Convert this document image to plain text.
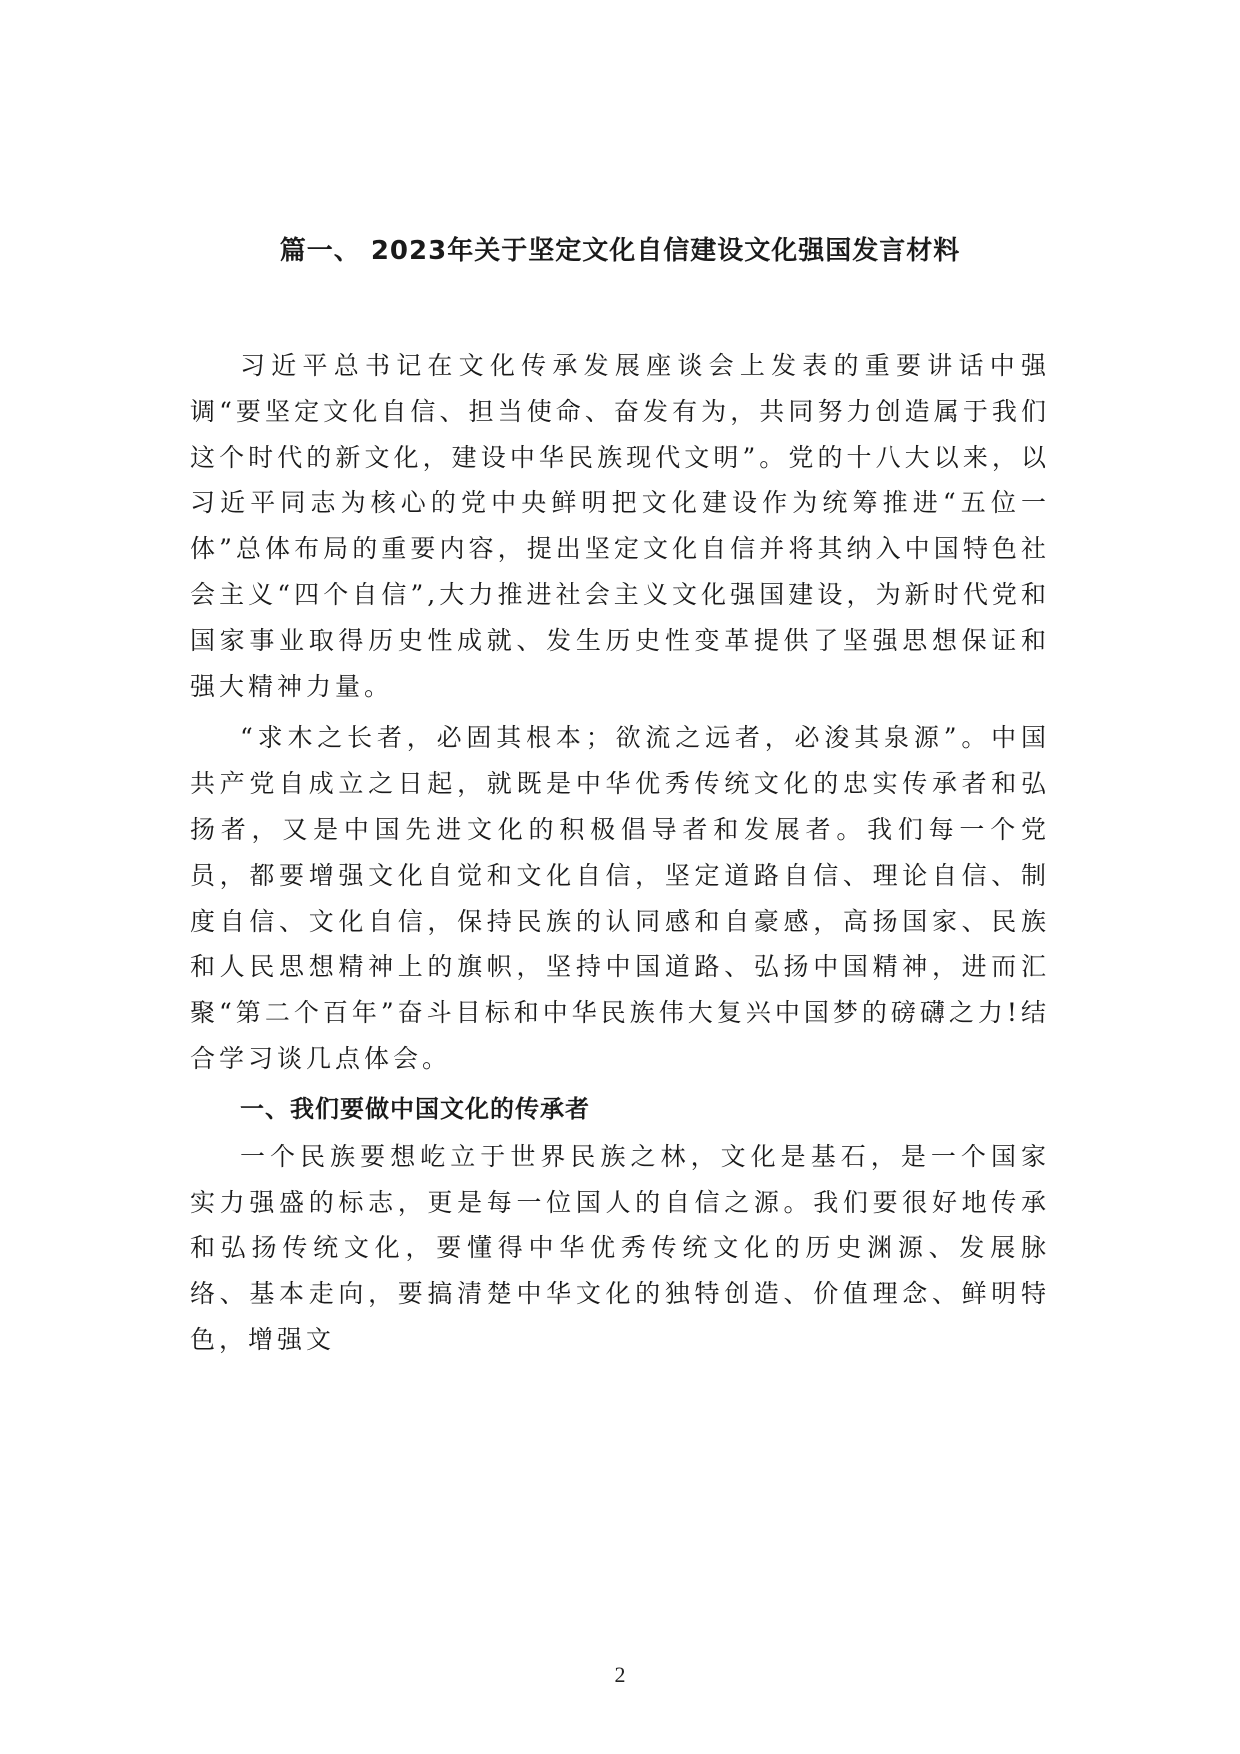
篇一、 2023年关于坚定文化自信建设文化强国发言材料

习近平总书记在文化传承发展座谈会上发表的重要讲话中强调“要坚定文化自信、担当使命、奋发有为，共同努力创造属于我们这个时代的新文化，建设中华民族现代文明”。党的十八大以来，以习近平同志为核心的党中央鲜明把文化建设作为统筹推进“五位一体”总体布局的重要内容，提出坚定文化自信并将其纳入中国特色社会主义“四个自信”,大力推进社会主义文化强国建设，为新时代党和国家事业取得历史性成就、发生历史性变革提供了坚强思想保证和强大精神力量。

“求木之长者，必固其根本；欲流之远者，必浚其泉源”。中国共产党自成立之日起，就既是中华优秀传统文化的忠实传承者和弘扬者，又是中国先进文化的积极倡导者和发展者。我们每一个党员，都要增强文化自觉和文化自信，坚定道路自信、理论自信、制度自信、文化自信，保持民族的认同感和自豪感，高扬国家、民族和人民思想精神上的旗帜，坚持中国道路、弘扬中国精神，进而汇聚“第二个百年”奋斗目标和中华民族伟大复兴中国梦的磅礴之力!结合学习谈几点体会。

一、我们要做中国文化的传承者

一个民族要想屹立于世界民族之林，文化是基石，是一个国家实力强盛的标志，更是每一位国人的自信之源。我们要很好地传承和弘扬传统文化，要懂得中华优秀传统文化的历史渊源、发展脉络、基本走向，要搞清楚中华文化的独特创造、价值理念、鲜明特色，增强文

2
